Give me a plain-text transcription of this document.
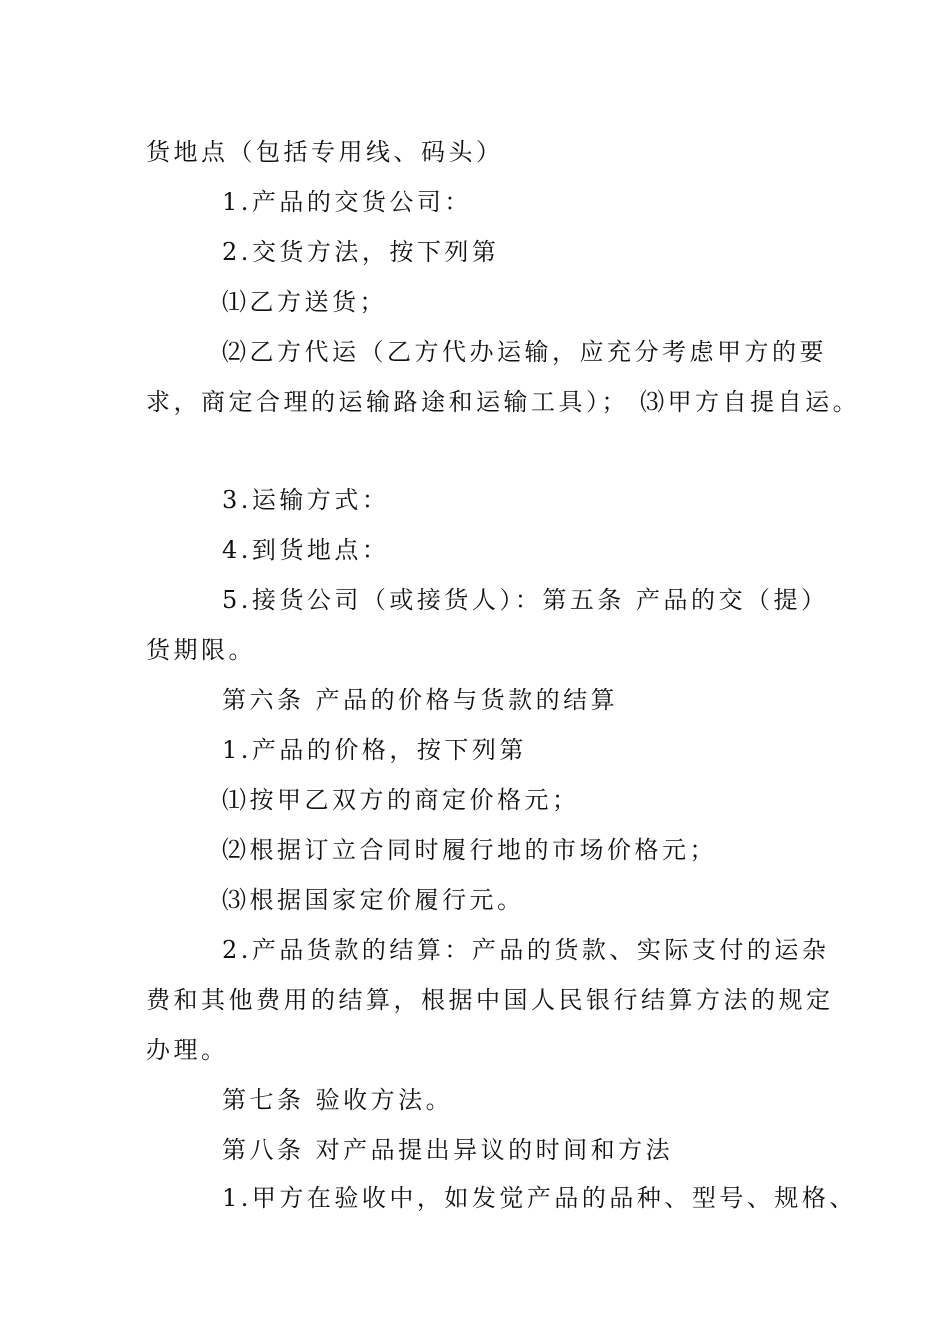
货地点（包括专用线、码头）
1.产品的交货公司：
2.交货方法，按下列第
⑴乙方送货；
⑵乙方代运（乙方代办运输，应充分考虑甲方的要
求，商定合理的运输路途和运输工具）； ⑶甲方自提自运。
3.运输方式：
4.到货地点：
5.接货公司（或接货人）：第五条 产品的交（提）
货期限。
第六条 产品的价格与货款的结算
1.产品的价格，按下列第
⑴按甲乙双方的商定价格元；
⑵根据订立合同时履行地的市场价格元；
⑶根据国家定价履行元。
2.产品货款的结算：产品的货款、实际支付的运杂
费和其他费用的结算，根据中国人民银行结算方法的规定
办理。
第七条 验收方法。
第八条 对产品提出异议的时间和方法
1.甲方在验收中，如发觉产品的品种、型号、规格、
